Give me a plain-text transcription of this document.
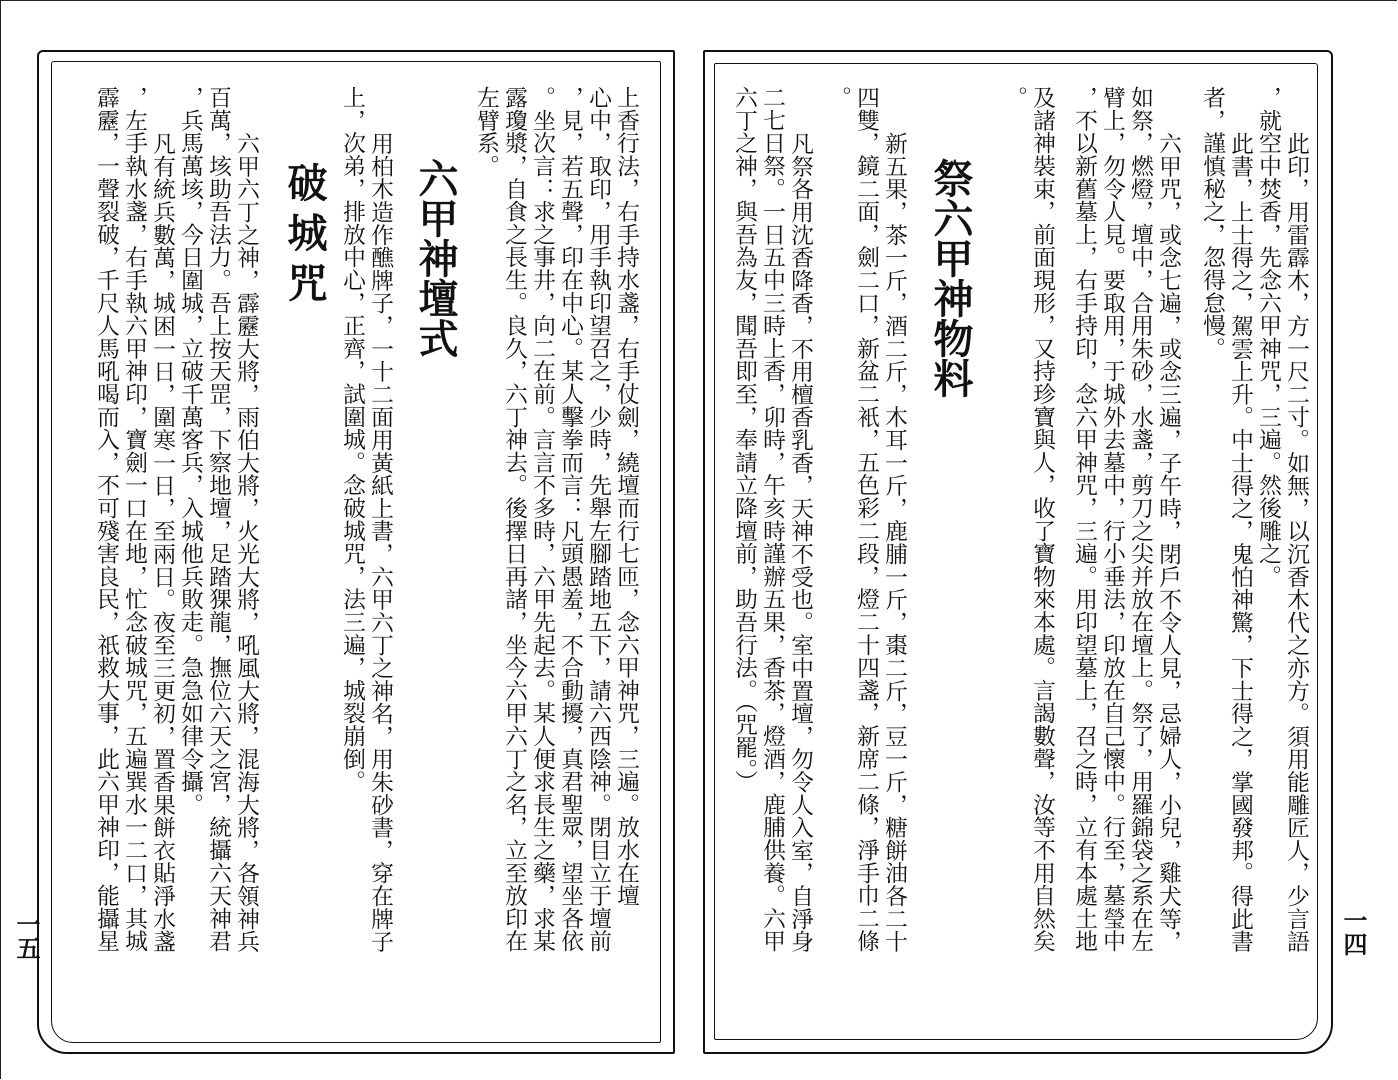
上香行法，右手持水盞，右手仗劍，繞壇而行七匝，念六甲神咒，三遍。放水在壇
心中，取印，用手執印望召之，少時，先舉左腳踏地五下，請六西陰神。閉目立于壇前
，見，若五聲，印在中心。某人擊拳而言：凡頭愚羞，不合動擾，真君聖眾，望坐各依
。坐次言：求之事井，向二在前。言言不多時，六甲先起去。某人便求長生之藥，求某
露瓊漿，自食之長生。良久，六丁神去。後擇日再諸，坐今六甲六丁之名，立至放印在
左臂系。
六甲神壇式
用柏木造作醮牌子，一十二面用黃紙上書，六甲六丁之神名，用朱砂書，穿在牌子
上，次弟，排放中心，正齊，試圍城。念破城咒，法三遍，城裂崩倒。
破城咒
六甲六丁之神，霹靂大將，雨伯大將，火光大將，吼風大將，混海大將，各領神兵
百萬，垓助吾法力。吾上按天罡，下察地壇，足踏猓龍，撫位六天之宮，統攝六天神君
，兵馬萬垓，今日圍城，立破千萬客兵，入城他兵敗走。急急如律令攝。
凡有統兵數萬，城困一日，圍寒一日，至兩日。夜至三更初，置香果餅衣貼淨水盞
，左手執水盞，右手執六甲神印，寶劍一口在地，忙念破城咒，五遍巽水一二口，其城
霹靂，一聲裂破，千尺人馬吼喝而入，不可殘害良民，祇救大事，此六甲神印，能攝星
一五	此印，用雷霹木，方一尺二寸。如無，以沉香木代之亦方。須用能雕匠人，少言語
，就空中焚香，先念六甲神咒，三遍。然後雕之。
此書，上士得之，駕雲上升。中士得之，鬼怕神驚，下士得之，掌國發邦。得此書
者，謹慎秘之，忽得怠慢。
六甲咒，或念七遍，或念三遍，子午時，閉戶不令人見，忌婦人，小兒，雞犬等，
如祭，燃燈，壇中，合用朱砂，水盞，剪刀之尖并放在壇上。祭了，用羅錦袋之系在左
臂上，勿令人見。要取用，于城外去墓中，行小垂法，印放在自己懷中。行至，墓瑩中
，不以新舊墓上，右手持印，念六甲神咒，三遍。用印望墓上，召之時，立有本處土地
及諸神裝束，前面現形，又持珍寶與人，收了寶物來本處。言謁數聲，汝等不用自然矣
。
祭六甲神物料
新五果，茶一斤，酒二斤，木耳一斤，鹿脯一斤，棗二斤，豆一斤，糖餅油各二十
四雙，鏡二面，劍二口，新盆二衹，五色彩二段，燈二十四盞，新席二條，淨手巾二條
。
凡祭各用沈香降香，不用檀香乳香，天神不受也。室中置壇，勿令人入室，自淨身
二七日祭。一日五中三時上香，卯時，午亥時謹辦五果，香茶，燈酒，鹿脯供養。六甲
六丁之神，與吾為友，聞吾即至，奉請立降壇前，助吾行法。（咒罷。）
一四
